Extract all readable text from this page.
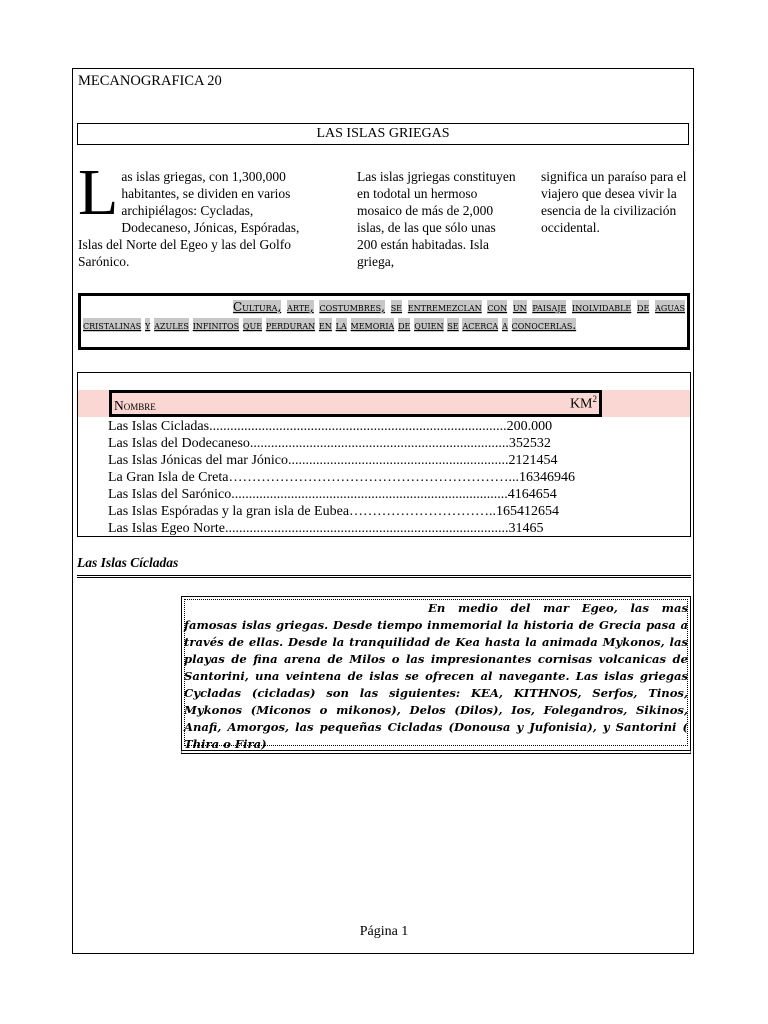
MECANOGRAFICA 20
LAS ISLAS GRIEGAS
L as islas griegas, con 1,300,000 habitantes, se dividen en varios archipiélagos: Cycladas, Dodecaneso, Jónicas, Espóradas, Islas del Norte del Egeo y las del Golfo Sarónico.
Las islas jgriegas constituyen en todotal un hermoso mosaico de más de 2,000 islas, de las que sólo unas 200 están habitadas. Isla griega,
significa un paraíso para el viajero que desea vivir la esencia de la civilización occidental.
Cultura, arte, costumbres, se entremezclan con un paisaje inolvidable de aguas cristalinas y azules infinitos que perduran en la memoria de quien se acerca a conocerlas.
Nombre	$KM^2$
Las Islas Cicladas.....................................................................................200.000
Las Islas del Dodecaneso..........................................................................352532
Las Islas Jónicas del mar Jónico...............................................................2121454
La Gran Isla de Creta……………………………………………………...16346946
Las Islas del Sarónico...............................................................................4164654
Las Islas Espóradas y la gran isla de Eubea…………………………..165412654
Las Islas Egeo Norte.................................................................................31465
Las Islas Cícladas
En medio del mar Egeo, las mas famosas islas griegas. Desde tiempo inmemorial la historia de Grecia pasa a través de ellas. Desde la tranquilidad de Kea hasta la animada Mykonos, las playas de fina arena de Milos o las impresionantes cornisas volcanicas de Santorini, una veintena de islas se ofrecen al navegante. Las islas griegas Cycladas (cicladas) son las siguientes: KEA, KITHNOS, Serfos, Tinos, Mykonos (Miconos o mikonos), Delos (Dilos), Ios, Folegandros, Sikinos, Anafi, Amorgos, las pequeñas Cicladas (Donousa y Jufonisia), y Santorini ( Thira o Fira)
Página 1
